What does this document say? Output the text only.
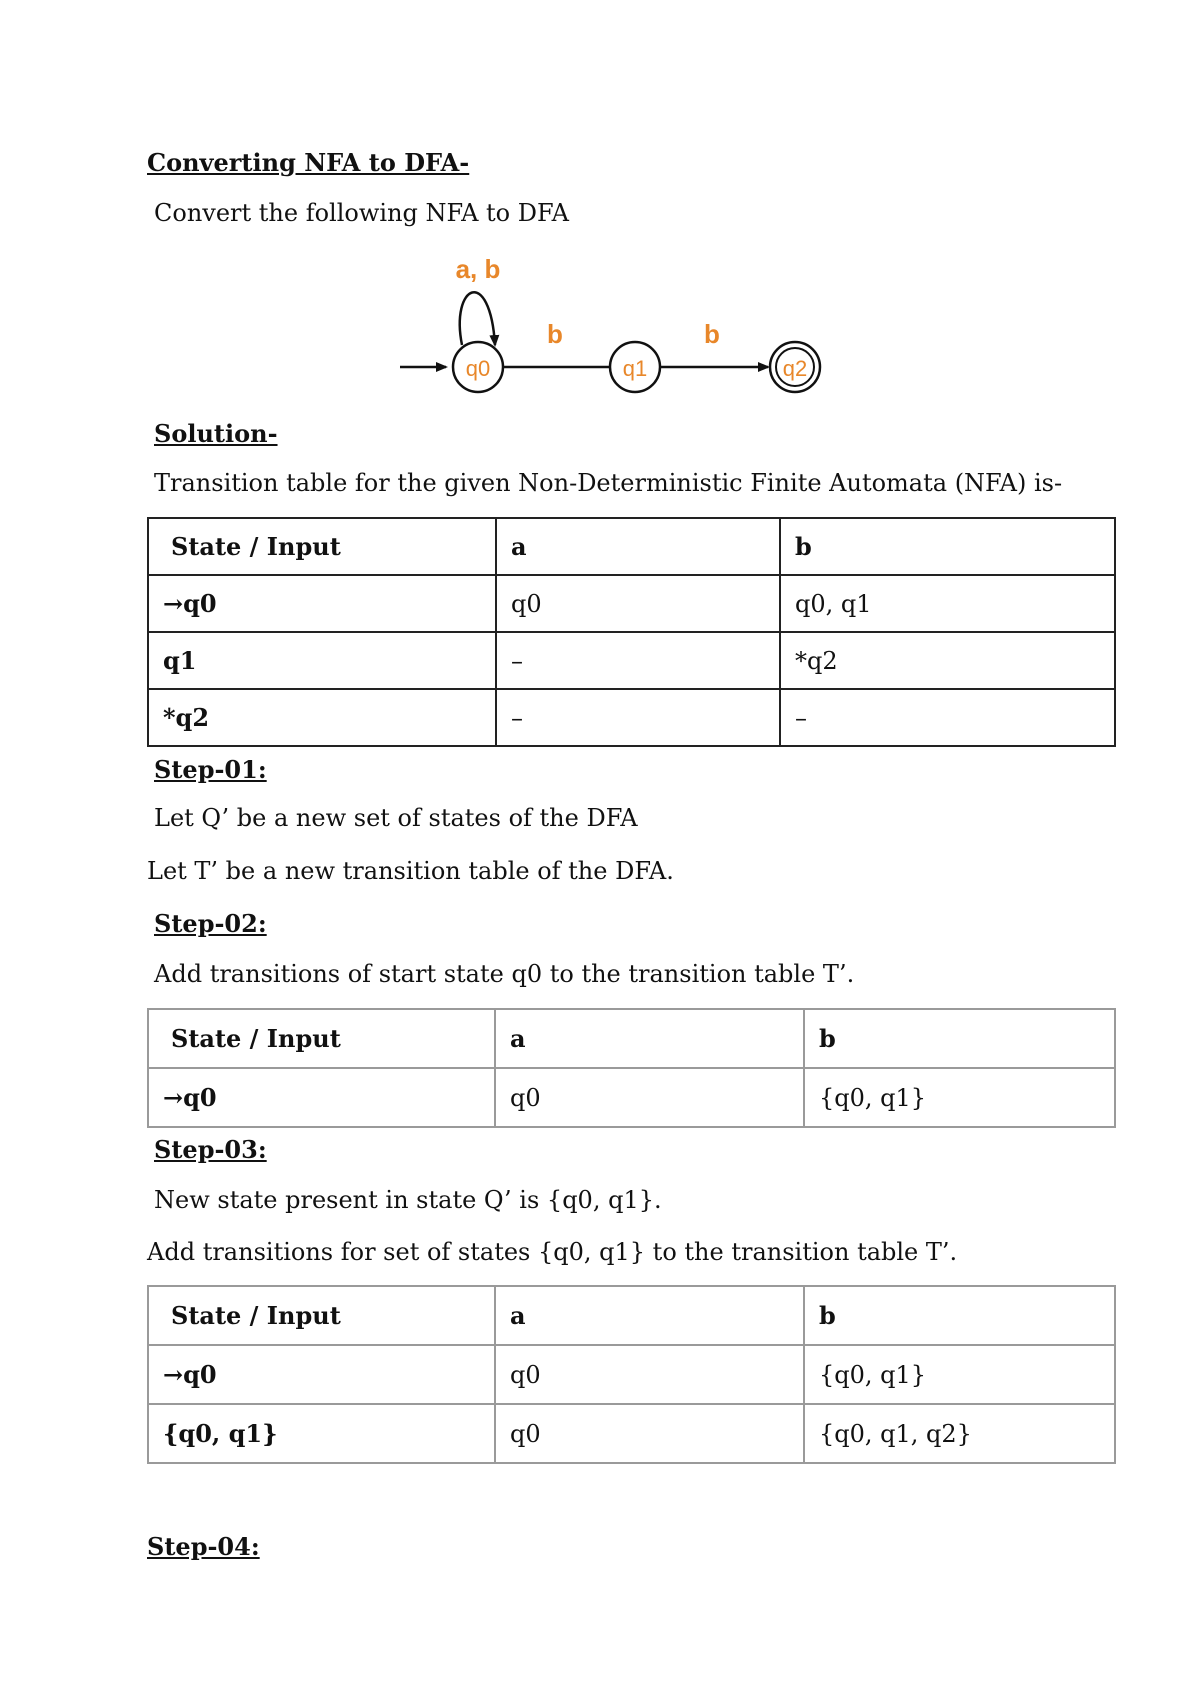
Converting NFA to DFA-
Convert the following NFA to DFA
a, b
q0
b
q1
b
q2
Solution-
Transition table for the given Non-Deterministic Finite Automata (NFA) is-
State / Input	a	b
→q0	q0	q0, q1
q1	–	*q2
*q2	–	–
Step-01:
Let Q’ be a new set of states of the DFA
Let T’ be a new transition table of the DFA.
Step-02:
Add transitions of start state q0 to the transition table T’.
State / Input	a	b
→q0	q0	{q0, q1}
Step-03:
New state present in state Q’ is {q0, q1}.
Add transitions for set of states {q0, q1} to the transition table T’.
State / Input	a	b
→q0	q0	{q0, q1}
{q0, q1}	q0	{q0, q1, q2}
Step-04:
